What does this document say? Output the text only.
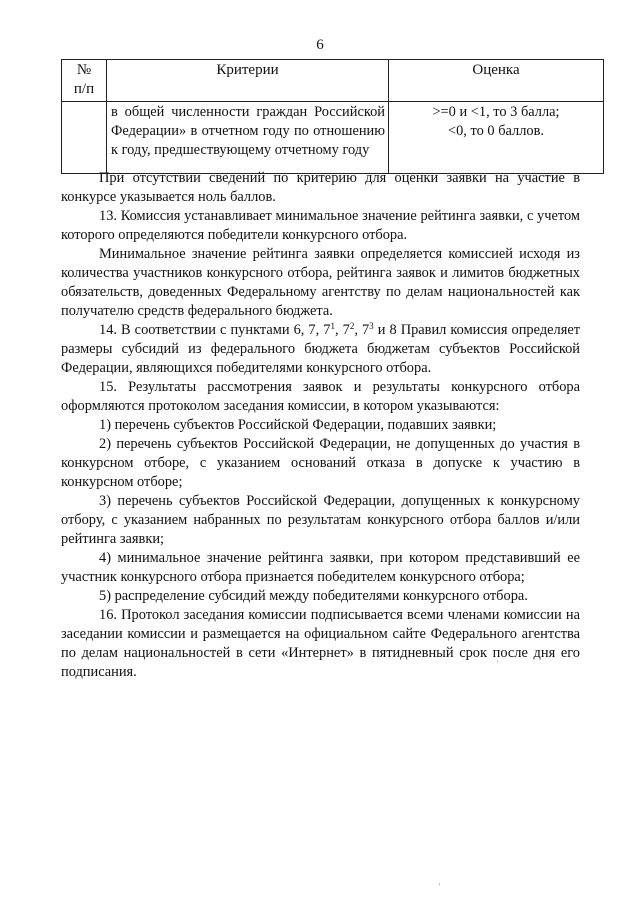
6
№ п/п	Критерии	Оценка

	в общей численности граждан Российской Федерации» в отчетном году по отношению к году, предшествующему отчетному году	>=0 и <1, то 3 балла;
<0, то 0 баллов.

При отсутствии сведений по критерию для оценки заявки на участие в конкурсе указывается ноль баллов.

13. Комиссия устанавливает минимальное значение рейтинга заявки, с учетом которого определяются победители конкурсного отбора.

Минимальное значение рейтинга заявки определяется комиссией исходя из количества участников конкурсного отбора, рейтинга заявок и лимитов бюджетных обязательств, доведенных Федеральному агентству по делам национальностей как получателю средств федерального бюджета.

14. В соответствии с пунктами 6, 7, $7^1$, $7^2$, $7^3$ и 8 Правил комиссия определяет размеры субсидий из федерального бюджета бюджетам субъектов Российской Федерации, являющихся победителями конкурсного отбора.

15. Результаты рассмотрения заявок и результаты конкурсного отбора оформляются протоколом заседания комиссии, в котором указываются:

1) перечень субъектов Российской Федерации, подавших заявки;

2) перечень субъектов Российской Федерации, не допущенных до участия в конкурсном отборе, с указанием оснований отказа в допуске к участию в конкурсном отборе;

3) перечень субъектов Российской Федерации, допущенных к конкурсному отбору, с указанием набранных по результатам конкурсного отбора баллов и/или рейтинга заявки;

4) минимальное значение рейтинга заявки, при котором представивший ее участник конкурсного отбора признается победителем конкурсного отбора;

5) распределение субсидий между победителями конкурсного отбора.

16. Протокол заседания комиссии подписывается всеми членами комиссии на заседании комиссии и размещается на официальном сайте Федерального агентства по делам национальностей в сети «Интернет» в пятидневный срок после дня его подписания.	'
'
